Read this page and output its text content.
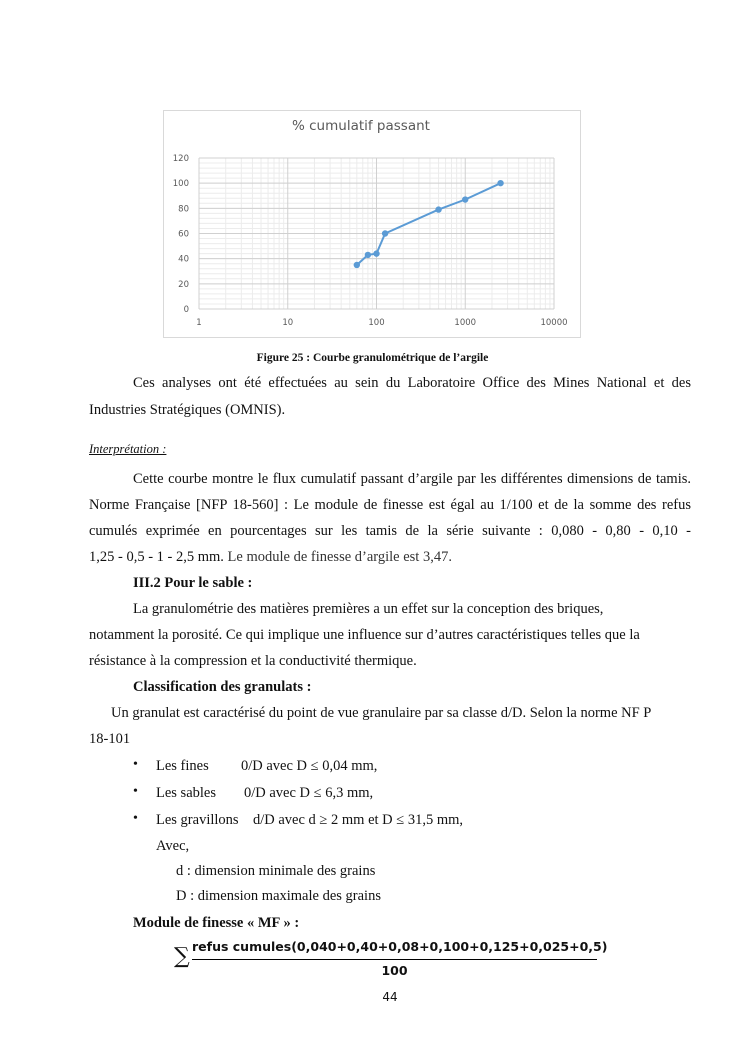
% cumulatif passant
0
20
40
60
80
100
120
1	10	100	1000	10000
Figure 25 : Courbe granulométrique de l’argile
Ces analyses ont été effectuées au sein du Laboratoire Office des Mines National et des
Industries Stratégiques (OMNIS).
Interprétation :
Cette courbe montre le flux cumulatif passant d’argile par les différentes dimensions de tamis.
Norme Française [NFP 18-560] : Le module de finesse est égal au 1/100 et de la somme des refus
cumulés exprimée en pourcentages sur les tamis de la série suivante : 0,080 - 0,80 - 0,10 -
1,25 - 0,5 - 1 - 2,5 mm. Le module de finesse d’argile est 3,47.
III.2 Pour le sable :
La granulométrie des matières premières a un effet sur la conception des briques,
notamment la porosité. Ce qui implique une influence sur d’autres caractéristiques telles que la
résistance à la compression et la conductivité thermique.
Classification des granulats :
Un granulat est caractérisé du point de vue granulaire par sa classe d/D. Selon la norme NF P
18-101
• Les fines 0/D avec D ≤ 0,04 mm,
• Les sables 0/D avec D ≤ 6,3 mm,
• Les gravillons d/D avec d ≥ 2 mm et D ≤ 31,5 mm,
Avec,
d : dimension minimale des grains
D : dimension maximale des grains
Module de finesse « MF » :
∑ refus cumules(0,040+0,40+0,08+0,100+0,125+0,025+0,5)
100
44
